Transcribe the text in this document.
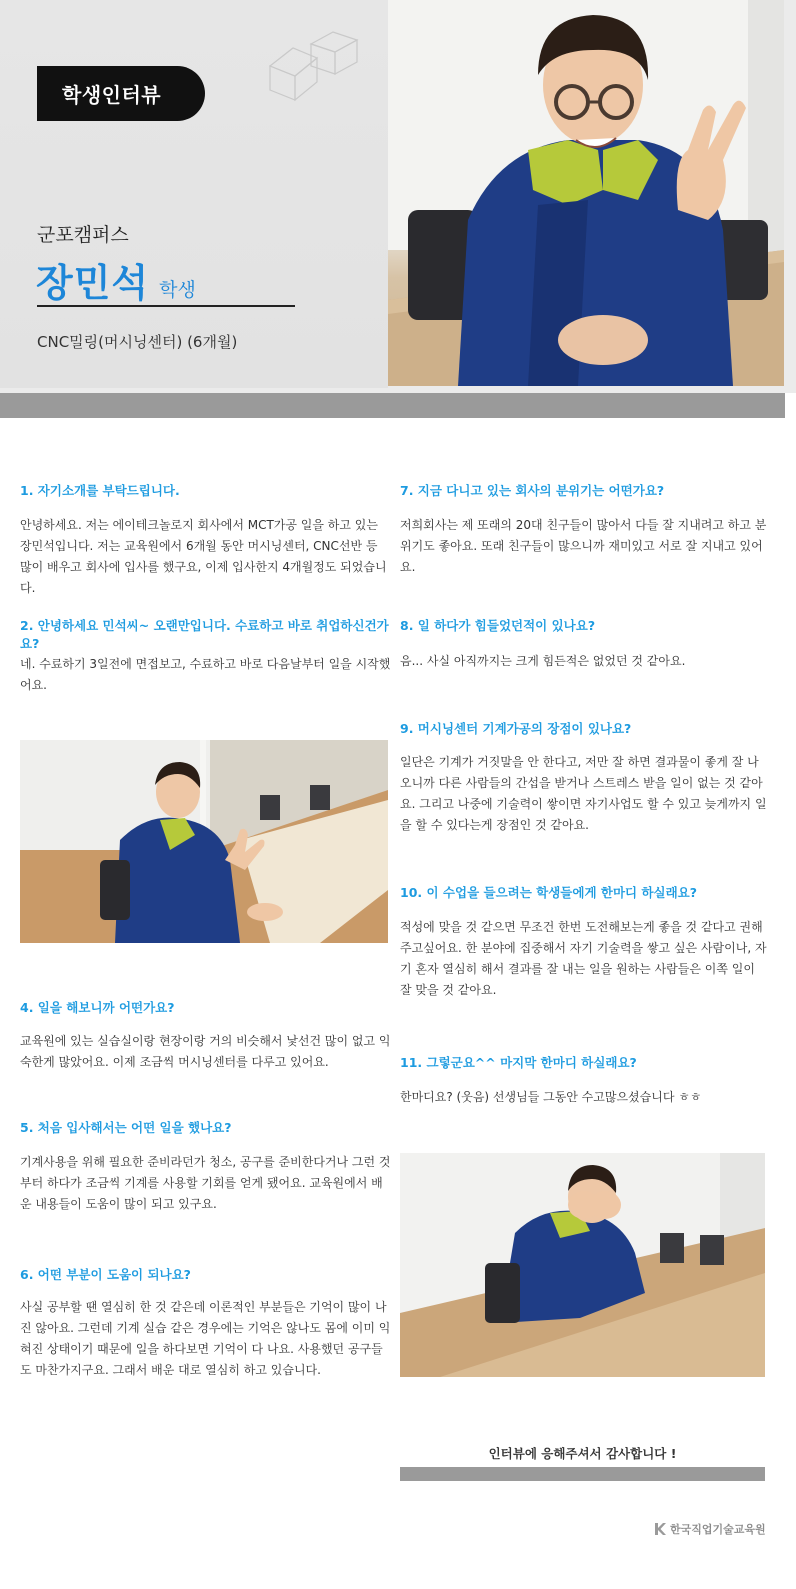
학생인터뷰
군포캠퍼스
장민석 학생
CNC밀링(머시닝센터) (6개월)
1. 자기소개를 부탁드립니다.
안녕하세요. 저는 에이테크놀로지 회사에서 MCT가공 일을 하고 있는 장민석입니다. 저는 교육원에서 6개월 동안 머시닝센터, CNC선반 등 많이 배우고 회사에 입사를 했구요, 이제 입사한지 4개월정도 되었습니다.
2. 안녕하세요 민석씨~ 오랜만입니다. 수료하고 바로 취업하신건가요?
네. 수료하기 3일전에 면접보고, 수료하고 바로 다음날부터 일을 시작했어요.
4. 일을 해보니까 어떤가요?
교육원에 있는 실습실이랑 현장이랑 거의 비슷해서 낯선건 많이 없고 익숙한게 많았어요. 이제 조금씩 머시닝센터를 다루고 있어요.
5. 처음 입사해서는 어떤 일을 했나요?
기계사용을 위해 필요한 준비라던가 청소, 공구를 준비한다거나 그런 것부터 하다가 조금씩 기계를 사용할 기회를 얻게 됐어요. 교육원에서 배운 내용들이 도움이 많이 되고 있구요.
6. 어떤 부분이 도움이 되나요?
사실 공부할 땐 열심히 한 것 같은데 이론적인 부분들은 기억이 많이 나진 않아요. 그런데 기계 실습 같은 경우에는 기억은 않나도 몸에 이미 익혀진 상태이기 때문에 일을 하다보면 기억이 다 나요. 사용했던 공구들도 마찬가지구요. 그래서 배운 대로 열심히 하고 있습니다.
7. 지금 다니고 있는 회사의 분위기는 어떤가요?
저희회사는 제 또래의 20대 친구들이 많아서 다들 잘 지내려고 하고 분위기도 좋아요. 또래 친구들이 많으니까 재미있고 서로 잘 지내고 있어요.
8. 일 하다가 힘들었던적이 있나요?
음... 사실 아직까지는 크게 힘든적은 없었던 것 같아요.
9. 머시닝센터 기계가공의 장점이 있나요?
일단은 기계가 거짓말을 안 한다고, 저만 잘 하면 결과물이 좋게 잘 나오니까 다른 사람들의 간섭을 받거나 스트레스 받을 일이 없는 것 같아요. 그리고 나중에 기술력이 쌓이면 자기사업도 할 수 있고 늦게까지 일을 할 수 있다는게 장점인 것 같아요.
10. 이 수업을 들으려는 학생들에게 한마디 하실래요?
적성에 맞을 것 같으면 무조건 한번 도전해보는게 좋을 것 같다고 권해주고싶어요. 한 분야에 집중해서 자기 기술력을 쌓고 싶은 사람이나, 자기 혼자 열심히 해서 결과를 잘 내는 일을 원하는 사람들은 이쪽 일이 잘 맞을 것 같아요.
11. 그렇군요^^ 마지막 한마디 하실래요?
한마디요? (웃음) 선생님들 그동안 수고많으셨습니다 ㅎㅎ
인터뷰에 응해주셔서 감사합니다 !
한국직업기술교육원
